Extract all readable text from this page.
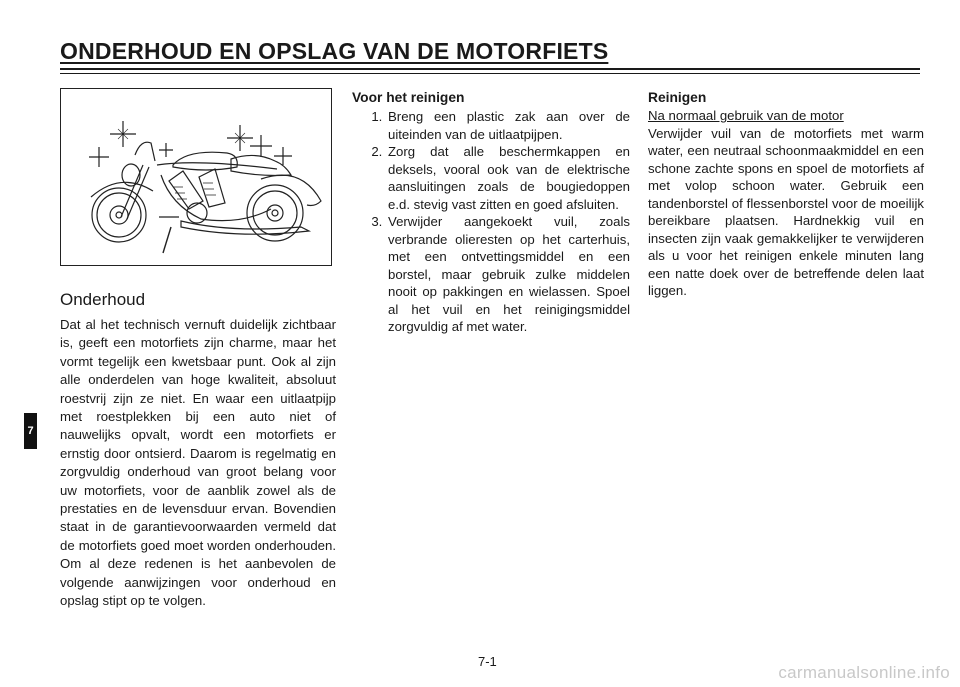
ONDERHOUD EN OPSLAG VAN DE MOTORFIETS
7
Onderhoud

Dat al het technisch vernuft duidelijk zichtbaar is, geeft een motorfiets zijn charme, maar het vormt tegelijk een kwetsbaar punt. Ook al zijn alle onderdelen van hoge kwaliteit, absoluut roestvrij zijn ze niet. En waar een uitlaatpijp met roestplekken bij een auto niet of nauwelijks opvalt, wordt een motorfiets er ernstig door ontsierd. Daarom is regelmatig en zorgvuldig onderhoud van groot belang voor uw motorfiets, voor de aanblik zowel als de prestaties en de levensduur ervan. Bovendien staat in de garantievoorwaarden vermeld dat de motorfiets goed moet worden onderhouden. Om al deze redenen is het aanbevolen de volgende aanwijzingen voor onderhoud en opslag stipt op te volgen.

Voor het reinigen
1. Breng een plastic zak aan over de uiteinden van de uitlaatpijpen.
2. Zorg dat alle beschermkappen en deksels, vooral ook van de elektrische aansluitingen zoals de bougiedoppen e.d. stevig vast zitten en goed afsluiten.
3. Verwijder aangekoekt vuil, zoals verbrande olieresten op het carterhuis, met een ontvettingsmiddel en een borstel, maar gebruik zulke middelen nooit op pakkingen en wielassen. Spoel al het vuil en het reinigingsmiddel zorgvuldig af met water.
Reinigen

Na normaal gebruik van de motor

Verwijder vuil van de motorfiets met warm water, een neutraal schoonmaakmiddel en een schone zachte spons en spoel de motorfiets af met volop schoon water. Gebruik een tandenborstel of flessenborstel voor de moeilijk bereikbare plaatsen. Hardnekkig vuil en insecten zijn vaak gemakkelijker te verwijderen als u voor het reinigen enkele minuten lang een natte doek over de betreffende delen laat liggen.

7-1
carmanualsonline.info
